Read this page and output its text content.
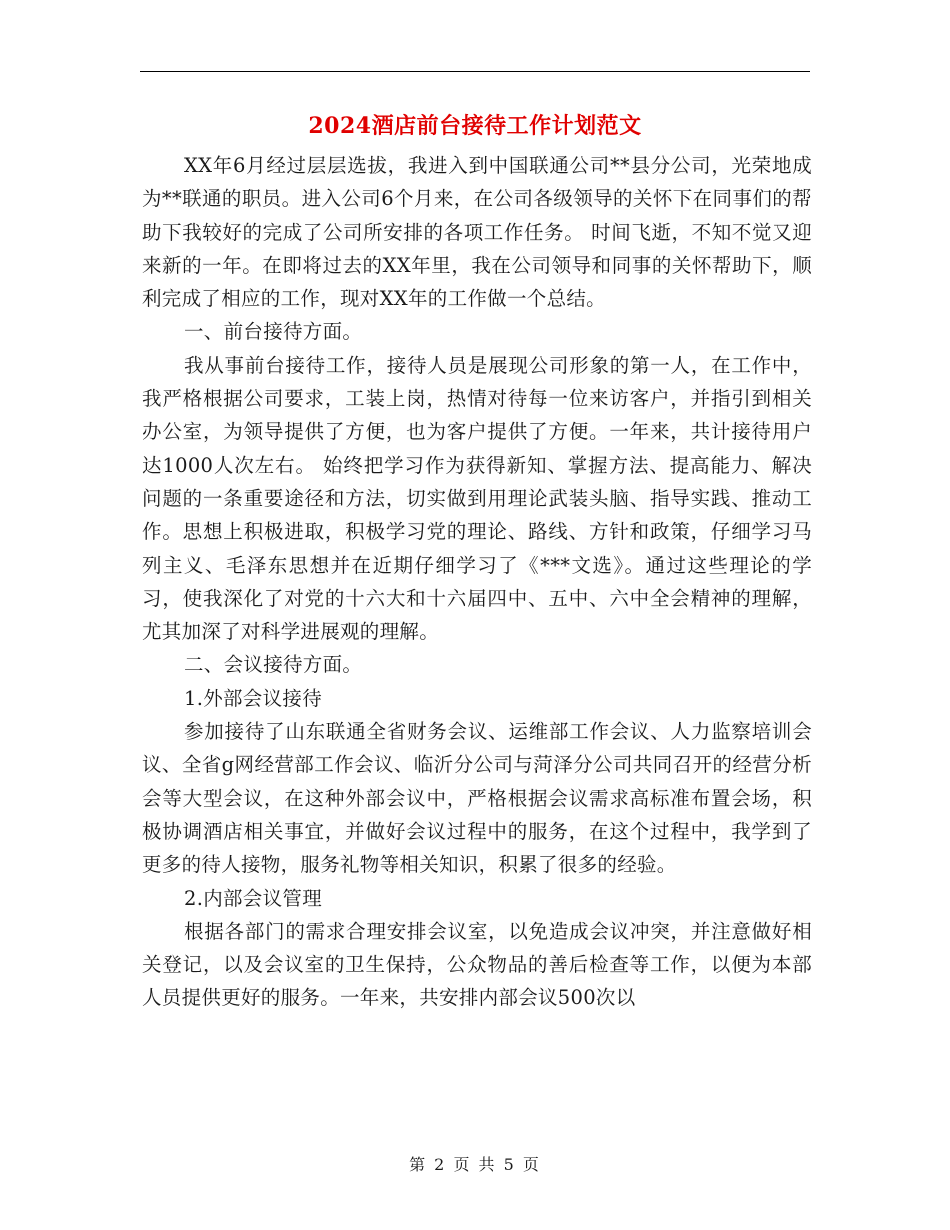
2024酒店前台接待工作计划范文

XX年6月经过层层选拔，我进入到中国联通公司**县分公司，光荣地成为**联通的职员。进入公司6个月来，在公司各级领导的关怀下在同事们的帮助下我较好的完成了公司所安排的各项工作任务。 时间飞逝，不知不觉又迎来新的一年。在即将过去的XX年里，我在公司领导和同事的关怀帮助下，顺利完成了相应的工作，现对XX年的工作做一个总结。

一、前台接待方面。

我从事前台接待工作，接待人员是展现公司形象的第一人，在工作中，我严格根据公司要求，工装上岗，热情对待每一位来访客户，并指引到相关办公室，为领导提供了方便，也为客户提供了方便。一年来，共计接待用户达1000人次左右。 始终把学习作为获得新知、掌握方法、提高能力、解决问题的一条重要途径和方法，切实做到用理论武装头脑、指导实践、推动工作。思想上积极进取，积极学习党的理论、路线、方针和政策，仔细学习马列主义、毛泽东思想并在近期仔细学习了《***文选》。通过这些理论的学习，使我深化了对党的十六大和十六届四中、五中、六中全会精神的理解，尤其加深了对科学进展观的理解。

二、会议接待方面。

1.外部会议接待

参加接待了山东联通全省财务会议、运维部工作会议、人力监察培训会议、全省g网经营部工作会议、临沂分公司与菏泽分公司共同召开的经营分析会等大型会议，在这种外部会议中，严格根据会议需求高标准布置会场，积极协调酒店相关事宜，并做好会议过程中的服务，在这个过程中，我学到了更多的待人接物，服务礼物等相关知识，积累了很多的经验。

2.内部会议管理

根据各部门的需求合理安排会议室，以免造成会议冲突，并注意做好相关登记，以及会议室的卫生保持，公众物品的善后检查等工作，以便为本部人员提供更好的服务。一年来，共安排内部会议500次以

第 2 页 共 5 页
